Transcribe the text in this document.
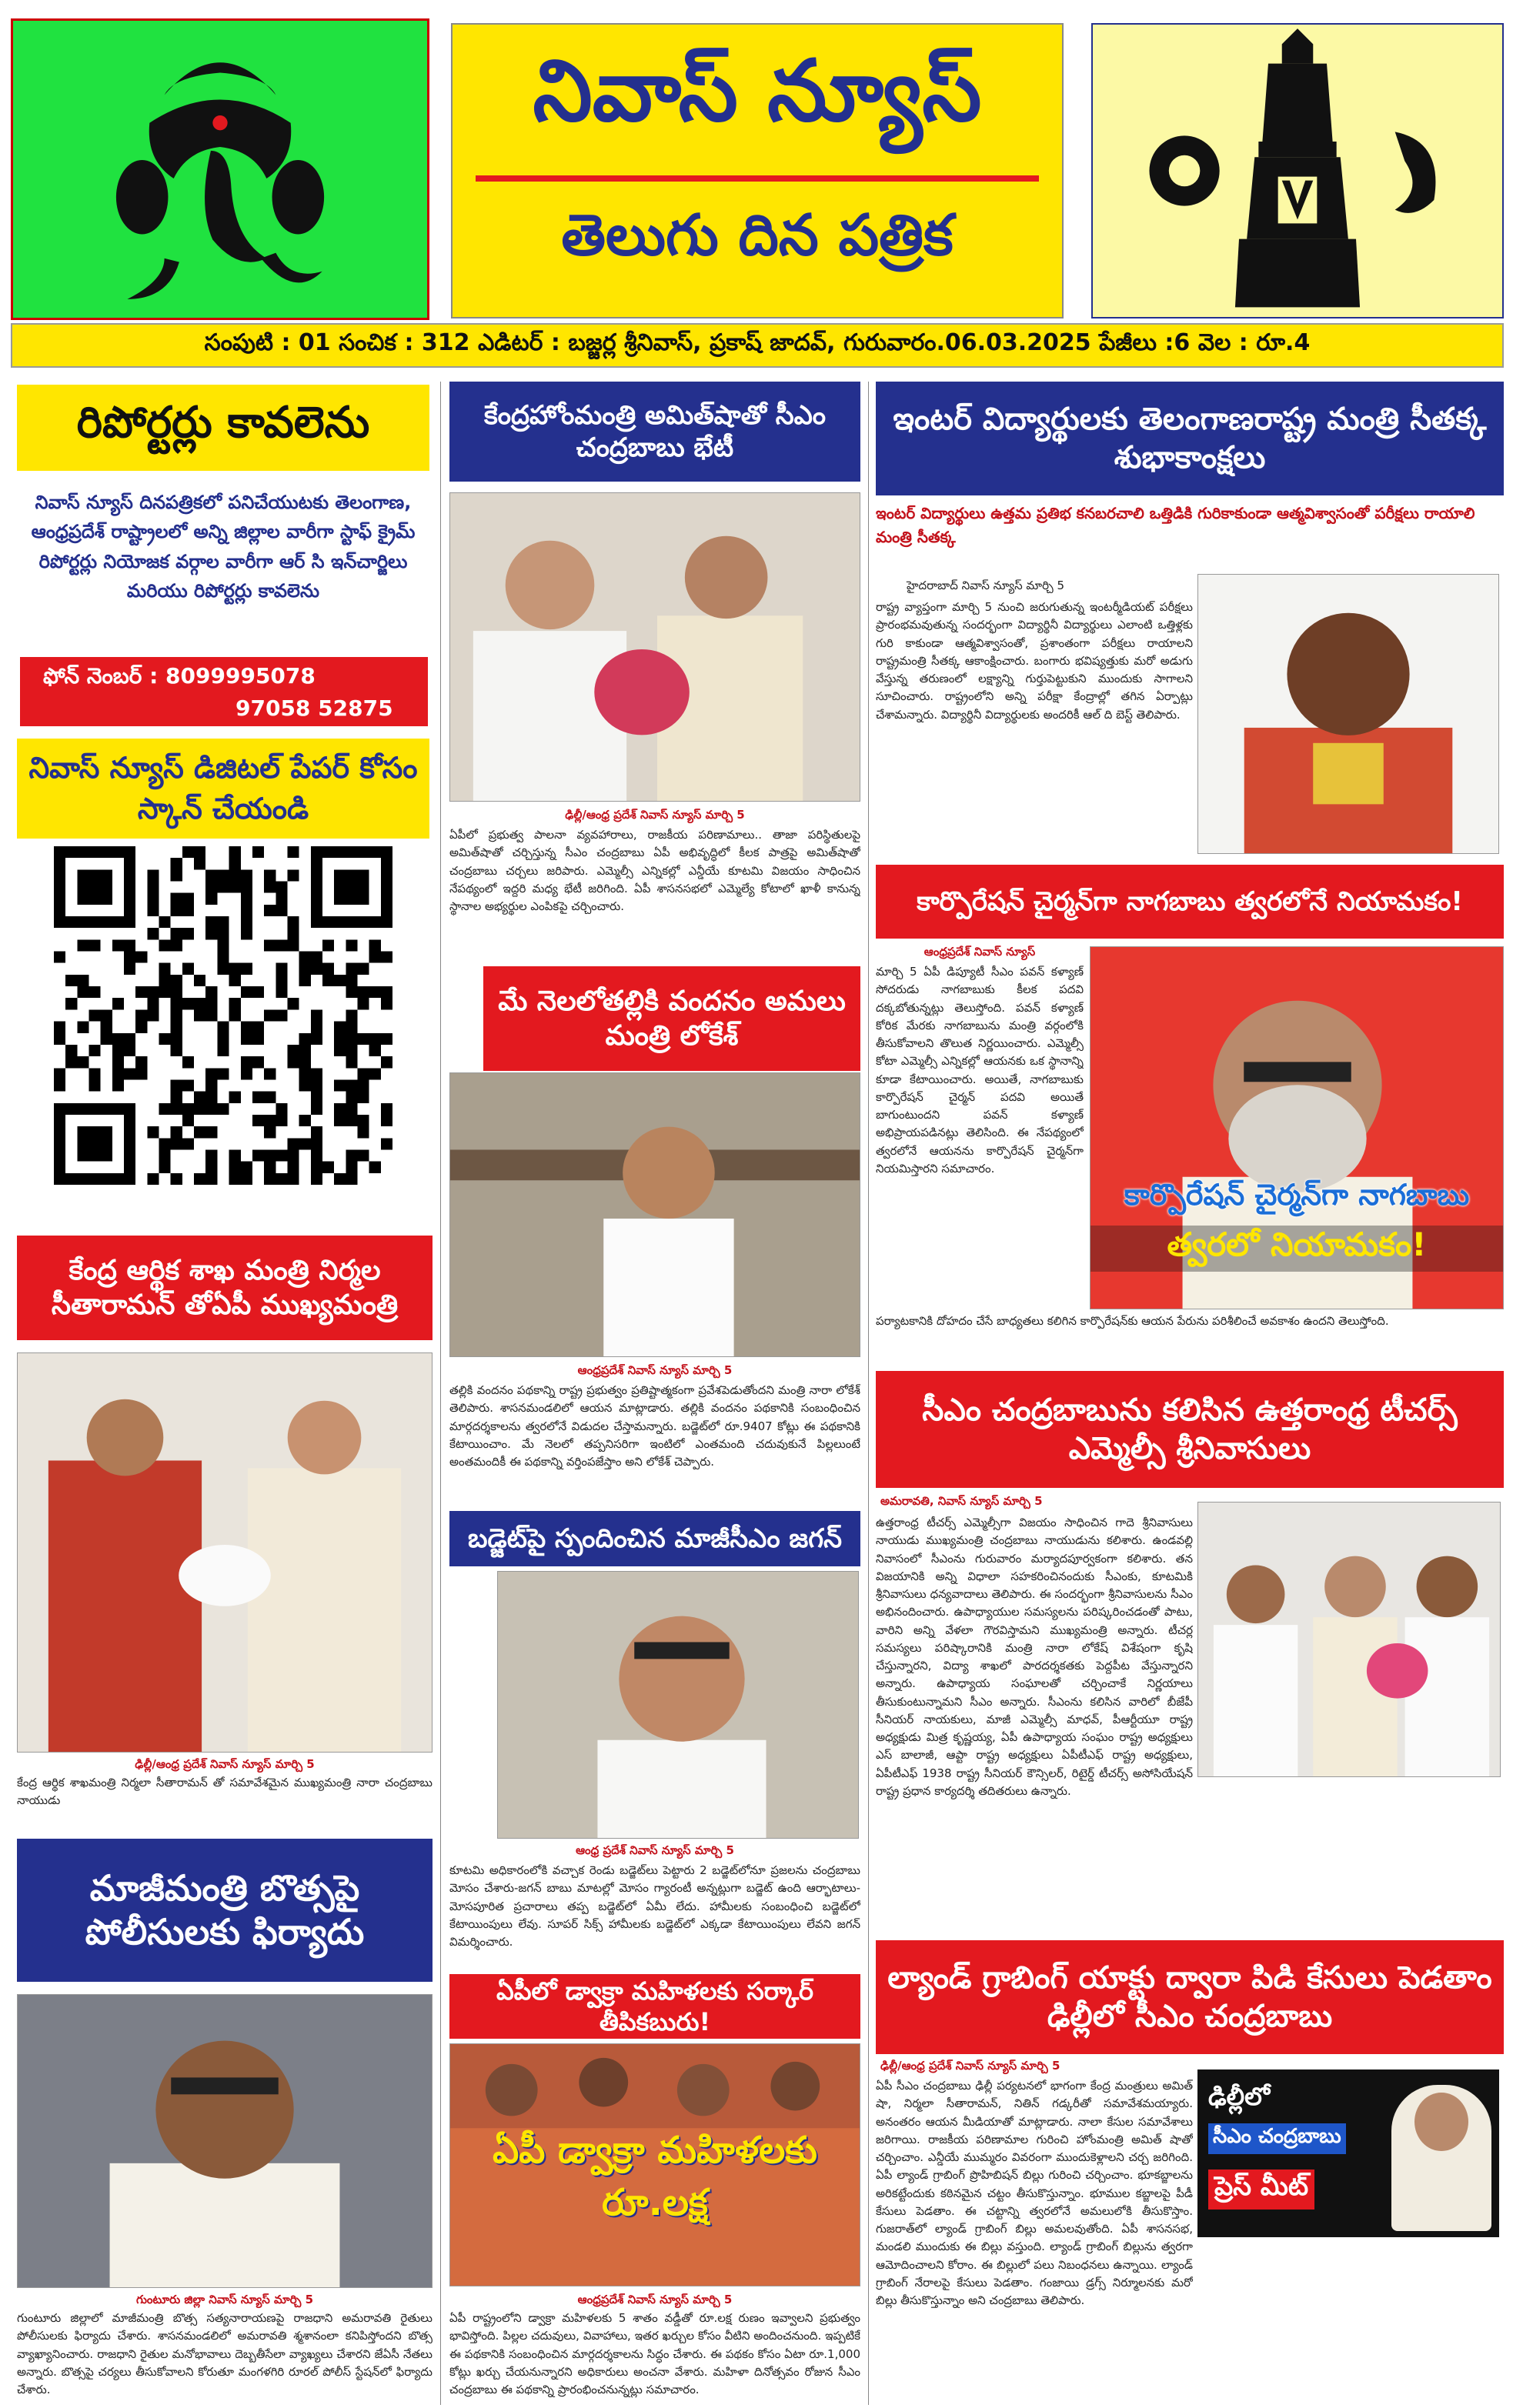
నివాస్ న్యూస్
తెలుగు దిన పత్రిక
సంపుటి : 01 సంచిక : 312 ఎడిటర్ : బజ్జర్ల శ్రీనివాస్, ప్రకాష్ జాదవ్, గురువారం.06.03.2025 పేజీలు :6 వెల : రూ.4
రిపోర్టర్లు కావలెను
నివాస్ న్యూస్ దినపత్రికలో పనిచేయుటకు తెలంగాణ, ఆంధ్రప్రదేశ్ రాష్ట్రాలలో అన్ని జిల్లాల వారీగా స్టాఫ్ క్రైమ్ రిపోర్టర్లు నియోజక వర్గాల వారీగా ఆర్ సి ఇన్‌చార్జిలు మరియు రిపోర్టర్లు కావలెను
ఫోన్ నెంబర్ : 8099995078
97058 52875
నివాస్ న్యూస్ డిజిటల్ పేపర్ కోసం స్కాన్ చేయండి
కేంద్ర ఆర్థిక శాఖ మంత్రి నిర్మల సీతారామన్ తోఏపీ ముఖ్యమంత్రి
ఢిల్లీ/ఆంధ్ర ప్రదేశ్ నివాస్ న్యూస్ మార్చి 5
కేంద్ర ఆర్థిక శాఖమంత్రి నిర్మలా సీతారామన్ తో సమావేశమైన ముఖ్యమంత్రి నారా చంద్రబాబు నాయుడు
మాజీమంత్రి బొత్సపై పోలీసులకు ఫిర్యాదు
గుంటూరు జిల్లా నివాస్ న్యూస్ మార్చి 5
గుంటూరు జిల్లాలో మాజీమంత్రి బొత్స సత్యనారాయణపై రాజధాని అమరావతి రైతులు పోలీసులకు ఫిర్యాదు చేశారు. శాసనమండలిలో అమరావతి శ్మశానంలా కనిపిస్తోందని బొత్స వ్యాఖ్యానించారు. రాజధాని రైతుల మనోభావాలు దెబ్బతీసేలా వ్యాఖ్యలు చేశారని జేఏసీ నేతలు అన్నారు. బొత్సపై చర్యలు తీసుకోవాలని కోరుతూ మంగళగిరి రూరల్ పోలీస్ స్టేషన్‌లో ఫిర్యాదు చేశారు.
కేంద్రహోంమంత్రి అమిత్‌షాతో సీఎం చంద్రబాబు భేటీ
ఢిల్లీ/ఆంధ్ర ప్రదేశ్ నివాస్ న్యూస్ మార్చి 5
ఏపీలో ప్రభుత్వ పాలనా వ్యవహారాలు, రాజకీయ పరిణామాలు.. తాజా పరిస్థితులపై అమిత్‌షాతో చర్చిస్తున్న సీఎం చంద్రబాబు ఏపీ అభివృద్ధిలో కీలక పాత్రపై అమిత్‌షాతో చంద్రబాబు చర్చలు జరిపారు. ఎమ్మెల్సీ ఎన్నికల్లో ఎన్డీయే కూటమి విజయం సాధించిన నేపథ్యంలో ఇద్దరి మధ్య భేటీ జరిగింది. ఏపీ శాసనసభలో ఎమ్మెల్యే కోటాలో ఖాళీ కానున్న స్థానాల అభ్యర్థుల ఎంపికపై చర్చించారు.
మే నెలలోతల్లికి వందనం అమలు మంత్రి లోకేశ్
ఆంధ్రప్రదేశ్ నివాస్ న్యూస్ మార్చి 5
తల్లికి వందనం పథకాన్ని రాష్ట్ర ప్రభుత్వం ప్రతిష్టాత్మకంగా ప్రవేశపెడుతోందని మంత్రి నారా లోకేశ్ తెలిపారు. శాసనమండలిలో ఆయన మాట్లాడారు. తల్లికి వందనం పథకానికి సంబంధించిన మార్గదర్శకాలను త్వరలోనే విడుదల చేస్తామన్నారు. బడ్జెట్‌లో రూ.9407 కోట్లు ఈ పథకానికి కేటాయించాం. మే నెలలో తప్పనిసరిగా ఇంటిలో ఎంతమంది చదువుకునే పిల్లలుంటే అంతమందికీ ఈ పథకాన్ని వర్తింపజేస్తాం అని లోకేశ్ చెప్పారు.
బడ్జెట్‌పై స్పందించిన మాజీసీఎం జగన్
ఆంధ్ర ప్రదేశ్ నివాస్ న్యూస్ మార్చి 5
కూటమి అధికారంలోకి వచ్చాక రెండు బడ్జెట్‌లు పెట్టారు 2 బడ్జెట్‌లోనూ ప్రజలను చంద్రబాబు మోసం చేశారు-జగన్ బాబు మాటల్లో మోసం గ్యారంటీ అన్నట్లుగా బడ్జెట్ ఉంది ఆర్భాటాలు-మోసపూరిత ప్రచారాలు తప్ప బడ్జెట్‌లో ఏమీ లేదు. హామీలకు సంబంధించి బడ్జెట్‌లో కేటాయింపులు లేవు. సూపర్ సిక్స్ హామీలకు బడ్జెట్‌లో ఎక్కడా కేటాయింపులు లేవని జగన్ విమర్శించారు.
ఏపీలో డ్వాక్రా మహిళలకు సర్కార్ తీపికబురు!
ఏపీ డ్వాక్రా మహిళలకు రూ.లక్ష
ఆంధ్రప్రదేశ్ నివాస్ న్యూస్ మార్చి 5
ఏపీ రాష్ట్రంలోని డ్వాక్రా మహిళలకు 5 శాతం వడ్డీతో రూ.లక్ష రుణం ఇవ్వాలని ప్రభుత్వం భావిస్తోంది. పిల్లల చదువులు, వివాహాలు, ఇతర ఖర్చుల కోసం వీటిని అందించనుంది. ఇప్పటికే ఈ పథకానికి సంబంధించిన మార్గదర్శకాలను సిద్ధం చేశారు. ఈ పథకం కోసం ఏటా రూ.1,000 కోట్లు ఖర్చు చేయనున్నారని అధికారులు అంచనా వేశారు. మహిళా దినోత్సవం రోజున సీఎం చంద్రబాబు ఈ పథకాన్ని ప్రారంభించనున్నట్లు సమాచారం.
ఇంటర్ విద్యార్థులకు తెలంగాణరాష్ట్ర మంత్రి సీతక్క శుభాకాంక్షలు
ఇంటర్ విద్యార్థులు ఉత్తమ ప్రతిభ కనబరచాలి ఒత్తిడికి గురికాకుండా ఆత్మవిశ్వాసంతో పరీక్షలు రాయాలి మంత్రి సీతక్క
హైదరాబాద్ నివాస్ న్యూస్ మార్చి 5
రాష్ట్ర వ్యాప్తంగా మార్చి 5 నుంచి జరుగుతున్న ఇంటర్మీడియట్ పరీక్షలు ప్రారంభమవుతున్న సందర్భంగా విద్యార్థినీ విద్యార్థులు ఎలాంటి ఒత్తిళ్లకు గురి కాకుండా ఆత్మవిశ్వాసంతో, ప్రశాంతంగా పరీక్షలు రాయాలని రాష్ట్రమంత్రి సీతక్క ఆకాంక్షించారు. బంగారు భవిష్యత్తుకు మరో అడుగు వేస్తున్న తరుణంలో లక్ష్యాన్ని గుర్తుపెట్టుకుని ముందుకు సాగాలని సూచించారు. రాష్ట్రంలోని అన్ని పరీక్షా కేంద్రాల్లో తగిన ఏర్పాట్లు చేశామన్నారు. విద్యార్థినీ విద్యార్థులకు అందరికీ ఆల్ ది బెస్ట్ తెలిపారు.
కార్పొరేషన్ చైర్మన్‌గా నాగబాబు త్వరలోనే నియామకం!
ఆంధ్రప్రదేశ్ నివాస్ న్యూస్
మార్చి 5 ఏపీ డిప్యూటీ సీఎం పవన్ కళ్యాణ్ సోదరుడు నాగబాబుకు కీలక పదవి దక్కబోతున్నట్లు తెలుస్తోంది. పవన్ కళ్యాణ్ కోరిక మేరకు నాగబాబును మంత్రి వర్గంలోకి తీసుకోవాలని తొలుత నిర్ణయించారు. ఎమ్మెల్సీ కోటా ఎమ్మెల్సీ ఎన్నికల్లో ఆయనకు ఒక స్థానాన్ని కూడా కేటాయించారు. అయితే, నాగబాబుకు కార్పొరేషన్ చైర్మన్ పదవి అయితే బాగుంటుందని పవన్ కళ్యాణ్ అభిప్రాయపడినట్లు తెలిసింది. ఈ నేపథ్యంలో త్వరలోనే ఆయనను కార్పొరేషన్ చైర్మన్‌గా నియమిస్తారని సమాచారం.
కార్పొరేషన్ చైర్మన్‌గా నాగబాబు
త్వరలో నియామకం!
పర్యాటకానికి దోహదం చేసే బాధ్యతలు కలిగిన కార్పొరేషన్‌కు ఆయన పేరును పరిశీలించే అవకాశం ఉందని తెలుస్తోంది.
సీఎం చంద్రబాబును కలిసిన ఉత్తరాంధ్ర టీచర్స్ ఎమ్మెల్సీ శ్రీనివాసులు
అమరావతి, నివాస్ న్యూస్ మార్చి 5
ఉత్తరాంధ్ర టీచర్స్ ఎమ్మెల్సీగా విజయం సాధించిన గాదె శ్రీనివాసులు నాయుడు ముఖ్యమంత్రి చంద్రబాబు నాయుడును కలిశారు. ఉండవల్లి నివాసంలో సీఎంను గురువారం మర్యాదపూర్వకంగా కలిశారు. తన విజయానికి అన్ని విధాలా సహకరించినందుకు సీఎంకు, కూటమికి శ్రీనివాసులు ధన్యవాదాలు తెలిపారు. ఈ సందర్భంగా శ్రీనివాసులను సీఎం అభినందించారు. ఉపాధ్యాయుల సమస్యలను పరిష్కరించడంతో పాటు, వారిని అన్ని వేళలా గౌరవిస్తామని ముఖ్యమంత్రి అన్నారు. టీచర్ల సమస్యలు పరిష్కారానికి మంత్రి నారా లోకేష్ విశేషంగా కృషి చేస్తున్నారని, విద్యా శాఖలో పారదర్శకతకు పెద్దపీట వేస్తున్నారని అన్నారు. ఉపాధ్యాయ సంఘాలతో చర్చించాకే నిర్ణయాలు తీసుకుంటున్నామని సీఎం అన్నారు. సీఎంను కలిసిన వారిలో బీజేపీ సీనియర్ నాయకులు, మాజీ ఎమ్మెల్సీ మాధవ్, పీఆర్టీయూ రాష్ట్ర అధ్యక్షుడు మిత్ర కృష్ణయ్య, ఏపీ ఉపాధ్యాయ సంఘం రాష్ట్ర అధ్యక్షులు ఎస్ బాలాజీ, ఆప్టా రాష్ట్ర అధ్యక్షులు ఏపీటీఎఫ్ రాష్ట్ర అధ్యక్షులు, ఏపీటీఎఫ్ 1938 రాష్ట్ర సీనియర్ కౌన్సిలర్, రిటైర్డ్ టీచర్స్ అసోసియేషన్ రాష్ట్ర ప్రధాన కార్యదర్శి తదితరులు ఉన్నారు.
ల్యాండ్ గ్రాబింగ్ యాక్టు ద్వారా పిడి కేసులు పెడతాం ఢిల్లీలో సీఎం చంద్రబాబు
ఢిల్లీ/ఆంధ్ర ప్రదేశ్ నివాస్ న్యూస్ మార్చి 5
ఏపీ సీఎం చంద్రబాబు ఢిల్లీ పర్యటనలో భాగంగా కేంద్ర మంత్రులు అమిత్ షా, నిర్మలా సీతారామన్, నితిన్ గడ్కరీతో సమావేశమయ్యారు. అనంతరం ఆయన మీడియాతో మాట్లాడారు. నాలా కేసుల సమావేశాలు జరిగాయి. రాజకీయ పరిణామాల గురించి హోంమంత్రి అమిత్ షాతో చర్చించాం. ఎన్డీయే ముమ్మరం వివరంగా ముందుకెళ్లాలని చర్చ జరిగింది. ఏపీ ల్యాండ్ గ్రాబింగ్ ప్రొహిబిషన్ బిల్లు గురించి చర్చించాం. భూకబ్జాలను అరికట్టేందుకు కఠినమైన చట్టం తీసుకొస్తున్నాం. భూముల కబ్జాలపై పీడీ కేసులు పెడతాం. ఈ చట్టాన్ని త్వరలోనే అమలులోకి తీసుకొస్తాం. గుజరాత్‌లో ల్యాండ్ గ్రాబింగ్ బిల్లు అమలవుతోంది. ఏపీ శాసనసభ, మండలి ముందుకు ఈ బిల్లు వస్తుంది. ల్యాండ్ గ్రాబింగ్ బిల్లును త్వరగా ఆమోదించాలని కోరాం. ఈ బిల్లులో పలు నిబంధనలు ఉన్నాయి. ల్యాండ్ గ్రాబింగ్ నేరాలపై కేసులు పెడతాం. గంజాయి డ్రగ్స్ నిర్మూలనకు మరో బిల్లు తీసుకొస్తున్నాం అని చంద్రబాబు తెలిపారు.
ఢిల్లీలో
సీఎం చంద్రబాబు
ప్రెస్ మీట్
